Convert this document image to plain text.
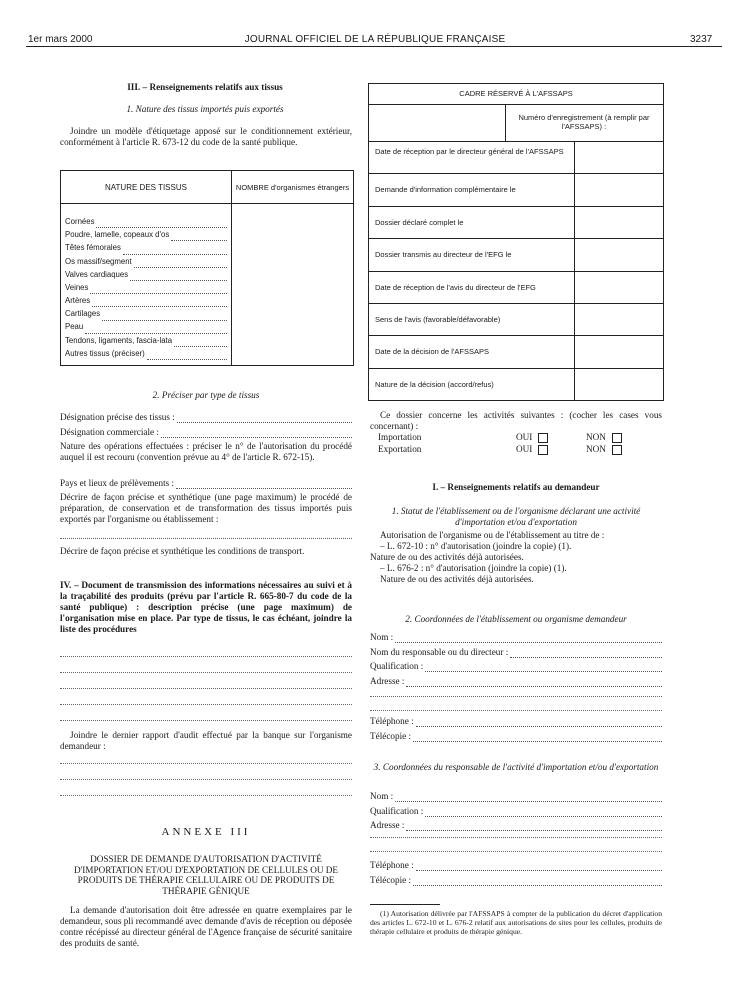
1er mars 2000	JOURNAL OFFICIEL DE LA RÉPUBLIQUE FRANÇAISE	3237
III. – Renseignements relatifs aux tissus
1. Nature des tissus importés puis exportés
Joindre un modèle d'étiquetage apposé sur le conditionnement extérieur, conformément à l'article R. 673-12 du code de la santé publique.
NATURE DES TISSUS	NOMBRE d'organismes étrangers
Cornées
Poudre, lamelle, copeaux d'os
Têtes fémorales
Os massif/segment
Valves cardiaques
Veines
Artères
Cartilages
Peau
Tendons, ligaments, fascia-lata
Autres tissus (préciser)
2. Préciser par type de tissus
Désignation précise des tissus :
Désignation commerciale :
Nature des opérations effectuées : préciser le n° de l'autorisation du procédé auquel il est recouru (convention prévue au 4° de l'article R. 672-15).
Pays et lieux de prélèvements :
Décrire de façon précise et synthétique (une page maximum) le procédé de préparation, de conservation et de transformation des tissus importés puis exportés par l'organisme ou établissement :
Décrire de façon précise et synthétique les conditions de transport.
IV. – Document de transmission des informations nécessaires au suivi et à la traçabilité des produits (prévu par l'article R. 665-80-7 du code de la santé publique) : description précise (une page maximum) de l'organisation mise en place. Par type de tissus, le cas échéant, joindre la liste des procédures
Joindre le dernier rapport d'audit effectué par la banque sur l'organisme demandeur :
ANNEXE III
DOSSIER DE DEMANDE D'AUTORISATION D'ACTIVITÉ D'IMPORTATION ET/OU D'EXPORTATION DE CELLULES OU DE PRODUITS DE THÉRAPIE CELLULAIRE OU DE PRODUITS DE THÉRAPIE GÉNIQUE
La demande d'autorisation doit être adressée en quatre exemplaires par le demandeur, sous pli recommandé avec demande d'avis de réception ou déposée contre récépissé au directeur général de l'Agence française de sécurité sanitaire des produits de santé.
CADRE RÉSERVÉ À L'AFSSAPS
Numéro d'enregistrement (à remplir par l'AFSSAPS) :
Date de réception par le directeur général de l'AFSSAPS
Demande d'information complémentaire le
Dossier déclaré complet le
Dossier transmis au directeur de l'EFG le
Date de réception de l'avis du directeur de l'EFG
Sens de l'avis (favorable/défavorable)
Date de la décision de l'AFSSAPS
Nature de la décision (accord/refus)
Ce dossier concerne les activités suivantes : (cocher les cases vous concernant) :
Importation	OUI	NON
Exportation	OUI	NON
I. – Renseignements relatifs au demandeur
1. Statut de l'établissement ou de l'organisme déclarant une activité d'importation et/ou d'exportation
Autorisation de l'organisme ou de l'établissement au titre de :
– L. 672-10 : n° d'autorisation (joindre la copie) (1).
Nature de ou des activités déjà autorisées.
– L. 676-2 : n° d'autorisation (joindre la copie) (1).
Nature de ou des activités déjà autorisées.
2. Coordonnées de l'établissement ou organisme demandeur
Nom :
Nom du responsable ou du directeur :
Qualification :
Adresse :
Téléphone :
Télécopie :
3. Coordonnées du responsable de l'activité d'importation et/ou d'exportation
Nom :
Qualification :
Adresse :
Téléphone :
Télécopie :
(1) Autorisation délivrée par l'AFSSAPS à compter de la publication du décret d'application des articles L. 672-10 et L. 676-2 relatif aux autorisations de sites pour les cellules, produits de thérapie cellulaire et produits de thérapie génique.
